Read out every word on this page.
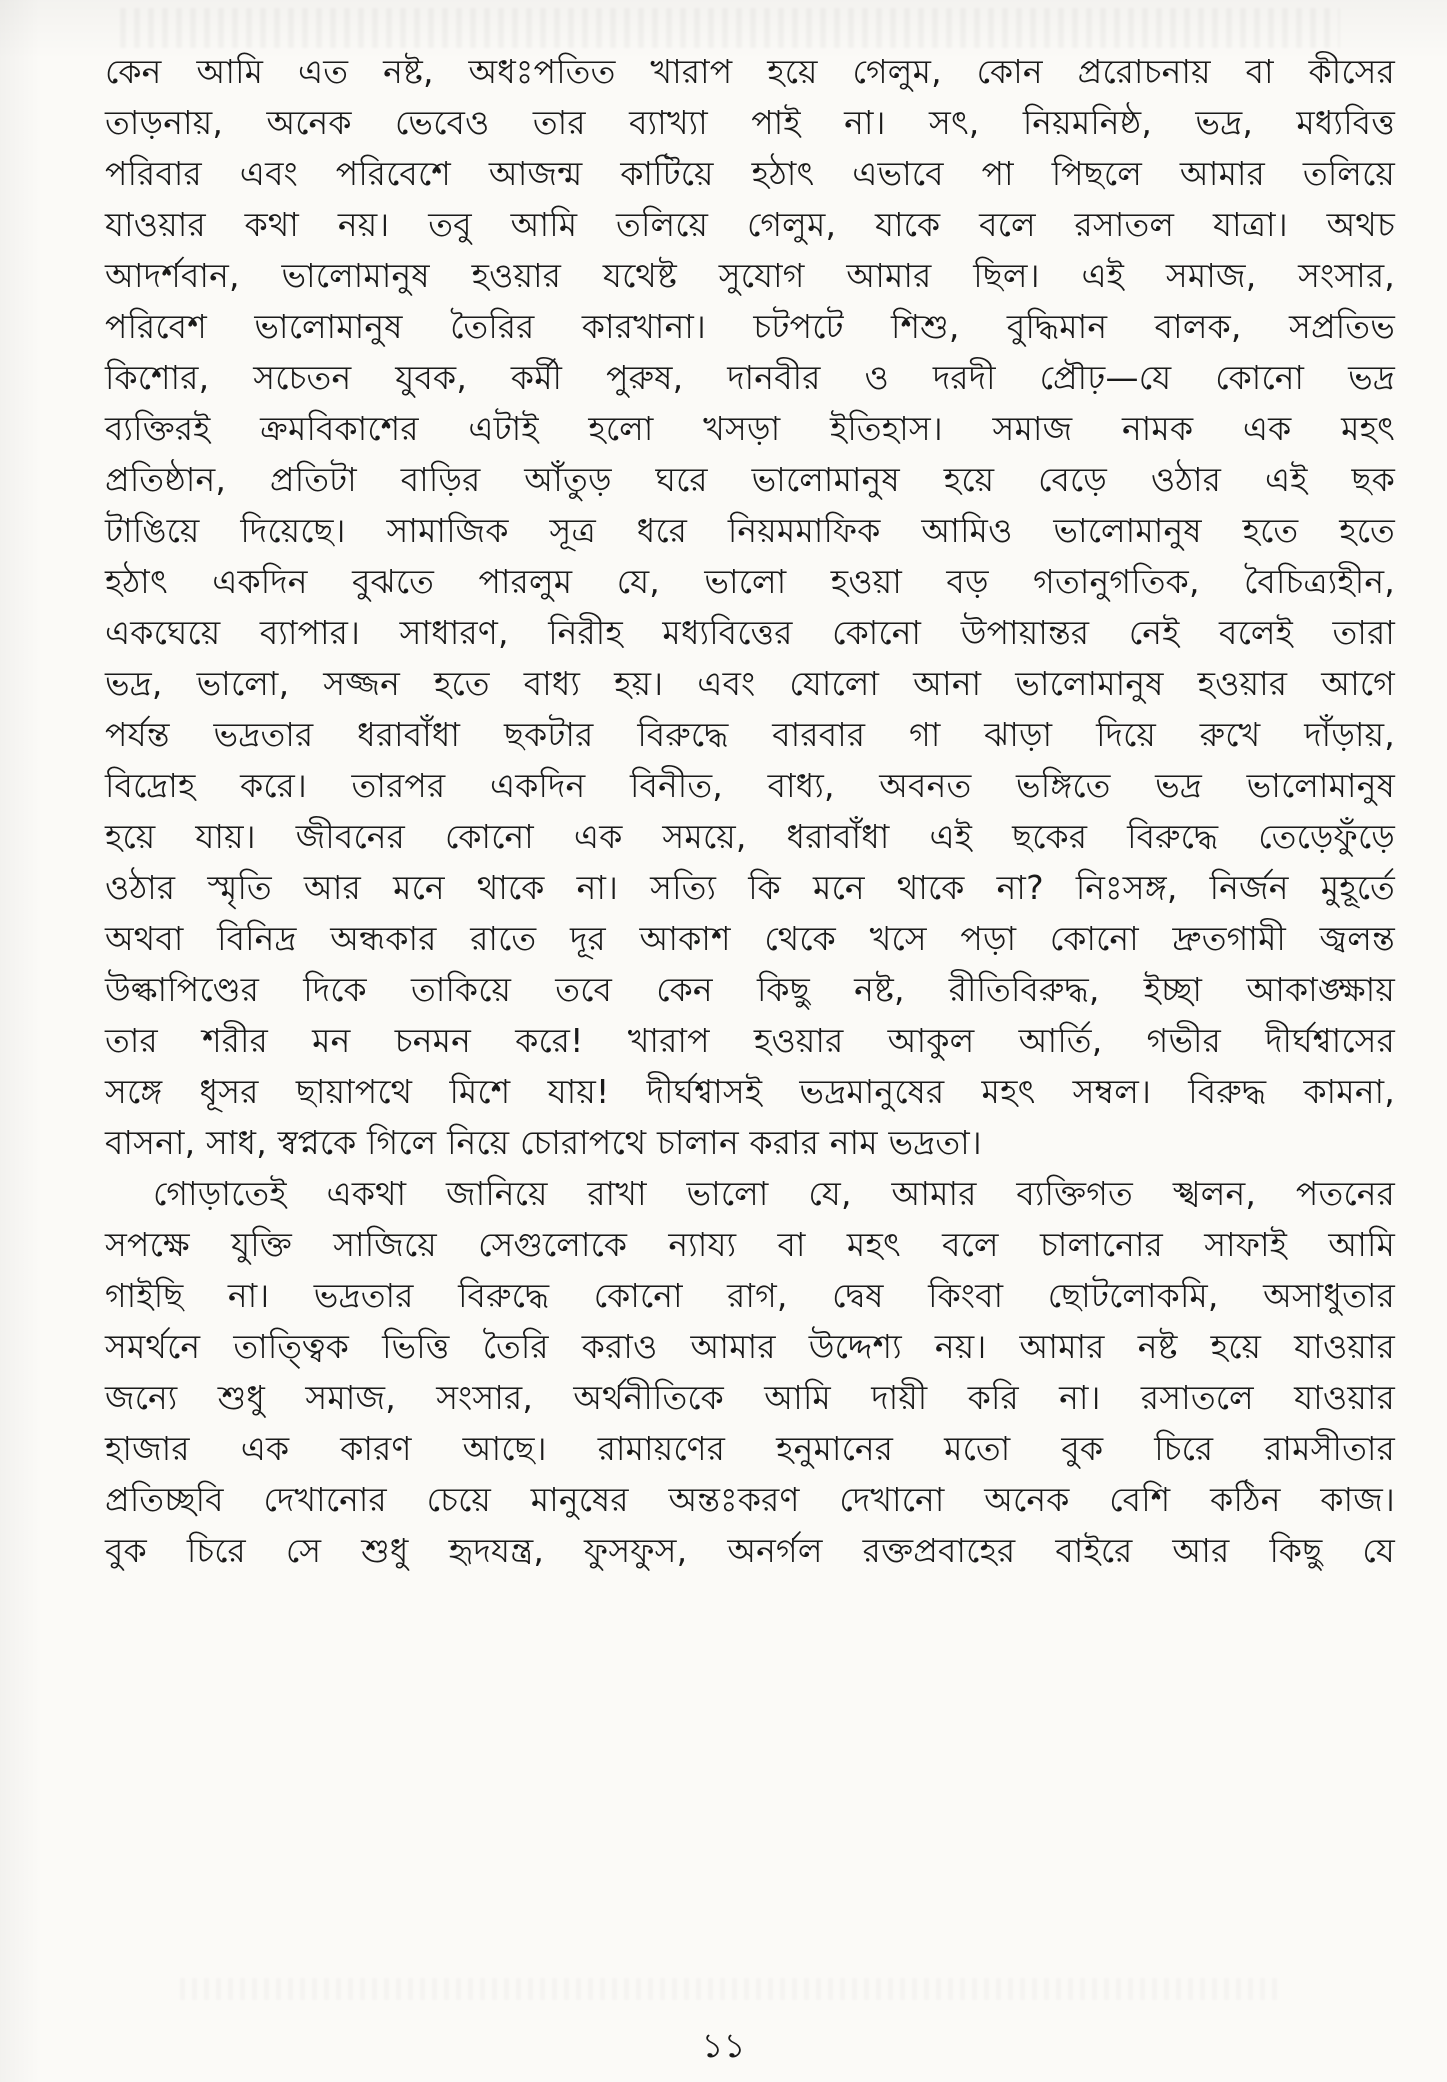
কেন আমি এত নষ্ট, অধঃপতিত খারাপ হয়ে গেলুম, কোন প্ররোচনায় বা কীসের
তাড়নায়, অনেক ভেবেও তার ব্যাখ্যা পাই না। সৎ, নিয়মনিষ্ঠ, ভদ্র, মধ্যবিত্ত
পরিবার এবং পরিবেশে আজন্ম কাটিয়ে হঠাৎ এভাবে পা পিছলে আমার তলিয়ে
যাওয়ার কথা নয়। তবু আমি তলিয়ে গেলুম, যাকে বলে রসাতল যাত্রা। অথচ
আদর্শবান, ভালোমানুষ হওয়ার যথেষ্ট সুযোগ আমার ছিল। এই সমাজ, সংসার,
পরিবেশ ভালোমানুষ তৈরির কারখানা। চটপটে শিশু, বুদ্ধিমান বালক, সপ্রতিভ
কিশোর, সচেতন যুবক, কর্মী পুরুষ, দানবীর ও দরদী প্রৌঢ়—যে কোনো ভদ্র
ব্যক্তিরই ক্রমবিকাশের এটাই হলো খসড়া ইতিহাস। সমাজ নামক এক মহৎ
প্রতিষ্ঠান, প্রতিটা বাড়ির আঁতুড় ঘরে ভালোমানুষ হয়ে বেড়ে ওঠার এই ছক
টাঙিয়ে দিয়েছে। সামাজিক সূত্র ধরে নিয়মমাফিক আমিও ভালোমানুষ হতে হতে
হঠাৎ একদিন বুঝতে পারলুম যে, ভালো হওয়া বড় গতানুগতিক, বৈচিত্র্যহীন,
একঘেয়ে ব্যাপার। সাধারণ, নিরীহ মধ্যবিত্তের কোনো উপায়ান্তর নেই বলেই তারা
ভদ্র, ভালো, সজ্জন হতে বাধ্য হয়। এবং যোলো আনা ভালোমানুষ হওয়ার আগে
পর্যন্ত ভদ্রতার ধরাবাঁধা ছকটার বিরুদ্ধে বারবার গা ঝাড়া দিয়ে রুখে দাঁড়ায়,
বিদ্রোহ করে। তারপর একদিন বিনীত, বাধ্য, অবনত ভঙ্গিতে ভদ্র ভালোমানুষ
হয়ে যায়। জীবনের কোনো এক সময়ে, ধরাবাঁধা এই ছকের বিরুদ্ধে তেড়েফুঁড়ে
ওঠার স্মৃতি আর মনে থাকে না। সত্যি কি মনে থাকে না? নিঃসঙ্গ, নির্জন মুহূর্তে
অথবা বিনিদ্র অন্ধকার রাতে দূর আকাশ থেকে খসে পড়া কোনো দ্রুতগামী জ্বলন্ত
উল্কাপিণ্ডের দিকে তাকিয়ে তবে কেন কিছু নষ্ট, রীতিবিরুদ্ধ, ইচ্ছা আকাঙ্ক্ষায়
তার শরীর মন চনমন করে! খারাপ হওয়ার আকুল আর্তি, গভীর দীর্ঘশ্বাসের
সঙ্গে ধূসর ছায়াপথে মিশে যায়! দীর্ঘশ্বাসই ভদ্রমানুষের মহৎ সম্বল। বিরুদ্ধ কামনা,
বাসনা, সাধ, স্বপ্নকে গিলে নিয়ে চোরাপথে চালান করার নাম ভদ্রতা।
গোড়াতেই একথা জানিয়ে রাখা ভালো যে, আমার ব্যক্তিগত স্খলন, পতনের
সপক্ষে যুক্তি সাজিয়ে সেগুলোকে ন্যায্য বা মহৎ বলে চালানোর সাফাই আমি
গাইছি না। ভদ্রতার বিরুদ্ধে কোনো রাগ, দ্বেষ কিংবা ছোটলোকমি, অসাধুতার
সমর্থনে তাত্ত্বিক ভিত্তি তৈরি করাও আমার উদ্দেশ্য নয়। আমার নষ্ট হয়ে যাওয়ার
জন্যে শুধু সমাজ, সংসার, অর্থনীতিকে আমি দায়ী করি না। রসাতলে যাওয়ার
হাজার এক কারণ আছে। রামায়ণের হনুমানের মতো বুক চিরে রামসীতার
প্রতিচ্ছবি দেখানোর চেয়ে মানুষের অন্তঃকরণ দেখানো অনেক বেশি কঠিন কাজ।
বুক চিরে সে শুধু হৃদযন্ত্র, ফুসফুস, অনর্গল রক্তপ্রবাহের বাইরে আর কিছু যে
১১
